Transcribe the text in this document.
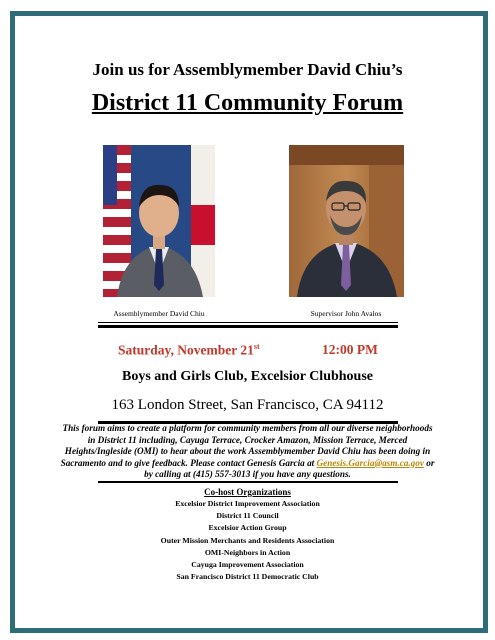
Join us for Assemblymember David Chiu’s
District 11 Community Forum
Assemblymember David Chiu	Supervisor John Avalos
Saturday, November 21st	12:00 PM
Boys and Girls Club, Excelsior Clubhouse
163 London Street, San Francisco, CA 94112
This forum aims to create a platform for community members from all our diverse neighborhoods in District 11 including, Cayuga Terrace, Crocker Amazon, Mission Terrace, Merced Heights/Ingleside (OMI) to hear about the work Assemblymember David Chiu has been doing in Sacramento and to give feedback. Please contact Genesis Garcia at Genesis.Garcia@asm.ca.gov or by calling at (415) 557-3013 if you have any questions.
Co-host Organizations
Excelsior District Improvement Association
District 11 Council
Excelsior Action Group
Outer Mission Merchants and Residents Association
OMI-Neighbors in Action
Cayuga Improvement Association
San Francisco District 11 Democratic Club
